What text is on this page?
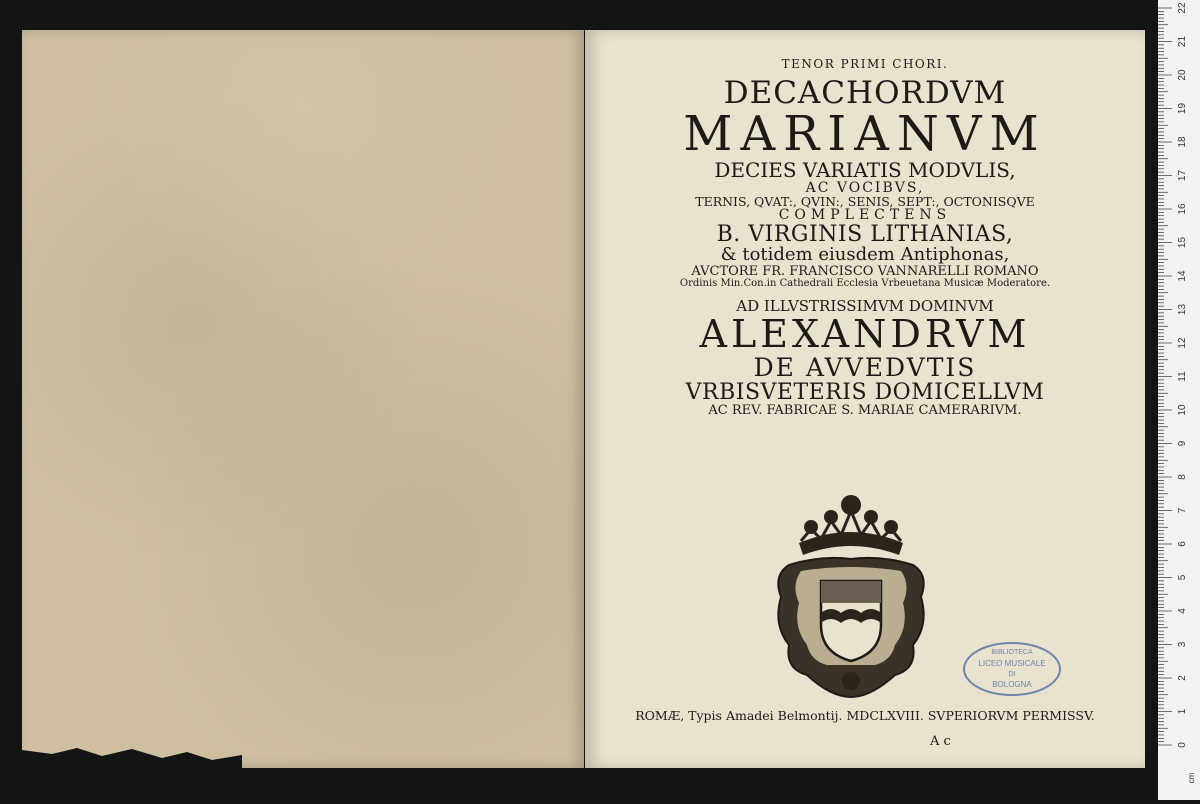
TENOR PRIMI CHORI.
DECACHORDVM
MARIANVM
DECIES VARIATIS MODVLIS,
AC VOCIBVS,
TERNIS, QVAT:, QVIN:, SENIS, SEPT:, OCTONISQVE
COMPLECTENS
B. VIRGINIS LITHANIAS,
& totidem eiusdem Antiphonas,
AVCTORE FR. FRANCISCO VANNARELLI ROMANO
Ordinis Min.Con.in Cathedrali Ecclesia Vrbeuetana Musicæ Moderatore.
AD ILLVSTRISSIMVM DOMINVM
ALEXANDRVM
DE AVVEDVTIS
VRBISVETERIS DOMICELLVM
AC REV. FABRICAE S. MARIAE CAMERARIVM.
BIBLIOTECA
LICEO MUSICALE
DI
BOLOGNA
ROMÆ, Typis Amadei Belmontij. MDCLXVIII. SVPERIORVM PERMISSV.
A c	0
1
2
3
4
5
6
7
8
9
10
11
12
13
14
15
16
17
18
19
20
21
22
cm
